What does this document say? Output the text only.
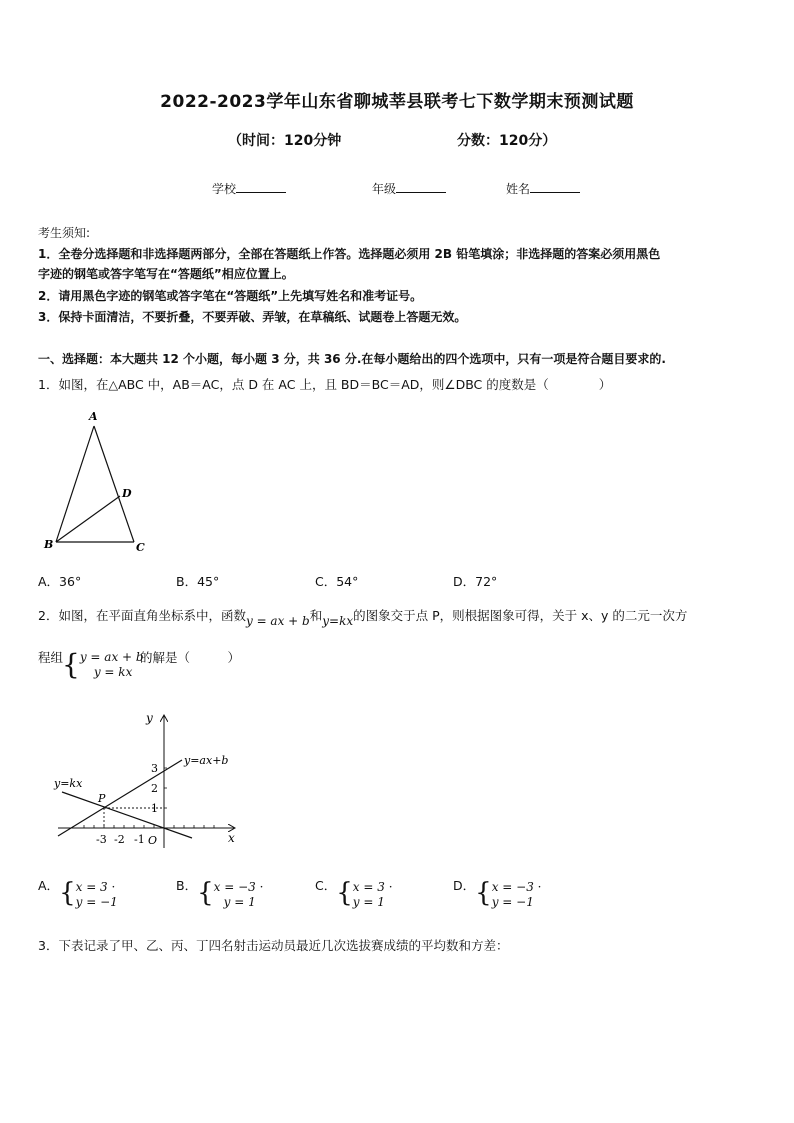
2022-2023学年山东省聊城莘县联考七下数学期末预测试题
（时间：120分钟	分数：120分）
学校	年级	姓名
考生须知:
1．全卷分选择题和非选择题两部分，全部在答题纸上作答。选择题必须用 2B 铅笔填涂；非选择题的答案必须用黑色
字迹的钢笔或答字笔写在“答题纸”相应位置上。
2．请用黑色字迹的钢笔或答字笔在“答题纸”上先填写姓名和准考证号。
3．保持卡面清洁，不要折叠，不要弄破、弄皱，在草稿纸、试题卷上答题无效。
一、选择题：本大题共 12 个小题，每小题 3 分，共 36 分.在每小题给出的四个选项中，只有一项是符合题目要求的.
1．如图，在△ABC 中，AB＝AC，点 D 在 AC 上，且 BD＝BC＝AD，则∠DBC 的度数是（　　　　）
A
B	C
D
A．36°	B．45°	C．54°	D．72°
2．如图，在平面直角坐标系中，函数y = ax + b和y=kx的图象交于点 P，则根据图象可得，关于 x、y 的二元一次方
程组
{y = ax + b
y = kx
的解是（　　　）
y
x
O
y=ax+b
y=kx
P
3
2
1
-3 -2 -1
$^{A.}${x = 3 ·
y = −1
$^{B.}${x = −3 ·
y = 1
$^{C.}${x = 3 ·
y = 1
$^{D.}${x = −3 ·
y = −1
3．下表记录了甲、乙、丙、丁四名射击运动员最近几次选拔赛成绩的平均数和方差：
